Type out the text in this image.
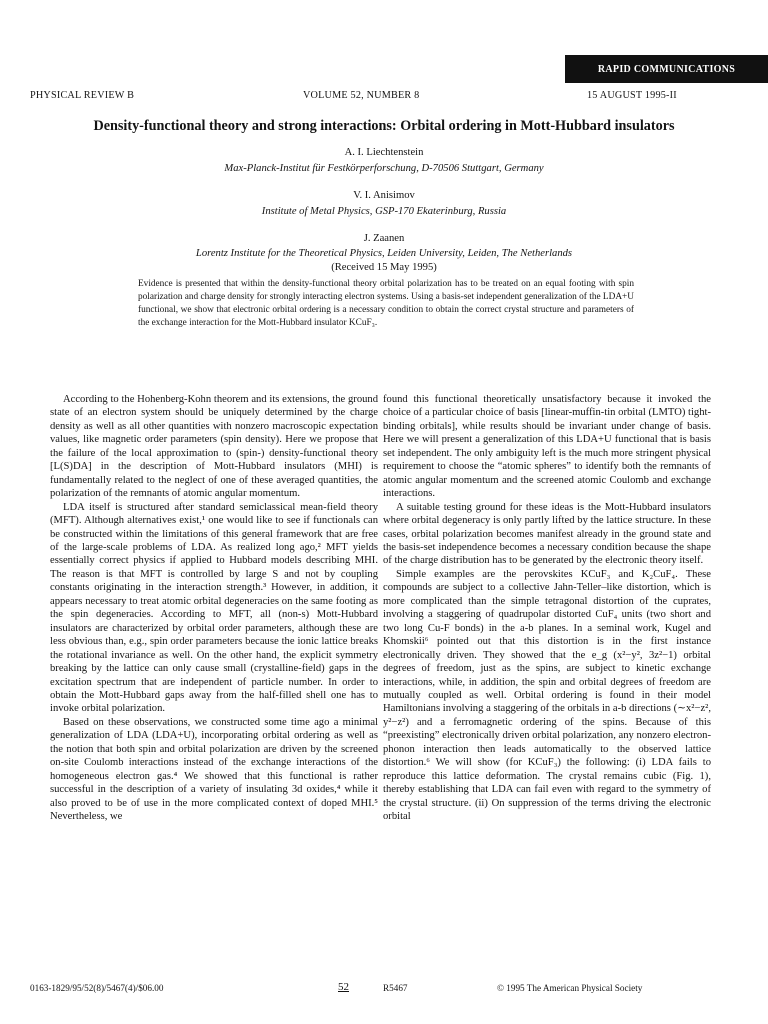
RAPID COMMUNICATIONS
PHYSICAL REVIEW B	VOLUME 52, NUMBER 8	15 AUGUST 1995-II
Density-functional theory and strong interactions: Orbital ordering in Mott-Hubbard insulators
A. I. Liechtenstein
Max-Planck-Institut für Festkörperforschung, D-70506 Stuttgart, Germany
V. I. Anisimov
Institute of Metal Physics, GSP-170 Ekaterinburg, Russia
J. Zaanen
Lorentz Institute for the Theoretical Physics, Leiden University, Leiden, The Netherlands
(Received 15 May 1995)

Evidence is presented that within the density-functional theory orbital polarization has to be treated on an equal footing with spin polarization and charge density for strongly interacting electron systems. Using a basis-set independent generalization of the LDA+U functional, we show that electronic orbital ordering is a necessary condition to obtain the correct crystal structure and parameters of the exchange interaction for the Mott-Hubbard insulator KCuF₃.

According to the Hohenberg-Kohn theorem and its extensions, the ground state of an electron system should be uniquely determined by the charge density as well as all other quantities with nonzero macroscopic expectation values, like magnetic order parameters (spin density). Here we propose that the failure of the local approximation to (spin-) density-functional theory [L(S)DA] in the description of Mott-Hubbard insulators (MHI) is fundamentally related to the neglect of one of these averaged quantities, the polarization of the remnants of atomic angular momentum.

LDA itself is structured after standard semiclassical mean-field theory (MFT). Although alternatives exist,¹ one would like to see if functionals can be constructed within the limitations of this general framework that are free of the large-scale problems of LDA. As realized long ago,² MFT yields essentially correct physics if applied to Hubbard models describing MHI. The reason is that MFT is controlled by large S and not by coupling constants originating in the interaction strength.³ However, in addition, it appears necessary to treat atomic orbital degeneracies on the same footing as the spin degeneracies. According to MFT, all (non-s) Mott-Hubbard insulators are characterized by orbital order parameters, although these are less obvious than, e.g., spin order parameters because the ionic lattice breaks the rotational invariance as well. On the other hand, the explicit symmetry breaking by the lattice can only cause small (crystalline-field) gaps in the excitation spectrum that are independent of particle number. In order to obtain the Mott-Hubbard gaps away from the half-filled shell one has to invoke orbital polarization.

Based on these observations, we constructed some time ago a minimal generalization of LDA (LDA+U), incorporating orbital ordering as well as the notion that both spin and orbital polarization are driven by the screened on-site Coulomb interactions instead of the exchange interactions of the homogeneous electron gas.⁴ We showed that this functional is rather successful in the description of a variety of insulating 3d oxides,⁴ while it also proved to be of use in the more complicated context of doped MHI.⁵ Nevertheless, we

found this functional theoretically unsatisfactory because it invoked the choice of a particular choice of basis [linear-muffin-tin orbital (LMTO) tight-binding orbitals], while results should be invariant under change of basis. Here we will present a generalization of this LDA+U functional that is basis set independent. The only ambiguity left is the much more stringent physical requirement to choose the “atomic spheres” to identify both the remnants of atomic angular momentum and the screened atomic Coulomb and exchange interactions.

A suitable testing ground for these ideas is the Mott-Hubbard insulators where orbital degeneracy is only partly lifted by the lattice structure. In these cases, orbital polarization becomes manifest already in the ground state and the basis-set independence becomes a necessary condition because the shape of the charge distribution has to be generated by the electronic theory itself.

Simple examples are the perovskites KCuF₃ and K₂CuF₄. These compounds are subject to a collective Jahn-Teller–like distortion, which is more complicated than the simple tetragonal distortion of the cuprates, involving a staggering of quadrupolar distorted CuF₄ units (two short and two long Cu-F bonds) in the a-b planes. In a seminal work, Kugel and Khomskii⁶ pointed out that this distortion is in the first instance electronically driven. They showed that the e_g (x²−y², 3z²−1) orbital degrees of freedom, just as the spins, are subject to kinetic exchange interactions, while, in addition, the spin and orbital degrees of freedom are mutually coupled as well. Orbital ordering is found in their model Hamiltonians involving a staggering of the orbitals in a-b directions (∼x²−z², y²−z²) and a ferromagnetic ordering of the spins. Because of this “preexisting” electronically driven orbital polarization, any nonzero electron-phonon interaction then leads automatically to the observed lattice distortion.⁶ We will show (for KCuF₃) the following: (i) LDA fails to reproduce this lattice deformation. The crystal remains cubic (Fig. 1), thereby establishing that LDA can fail even with regard to the symmetry of the crystal structure. (ii) On suppression of the terms driving the electronic orbital

0163-1829/95/52(8)/5467(4)/$06.00	52	R5467	© 1995 The American Physical Society
